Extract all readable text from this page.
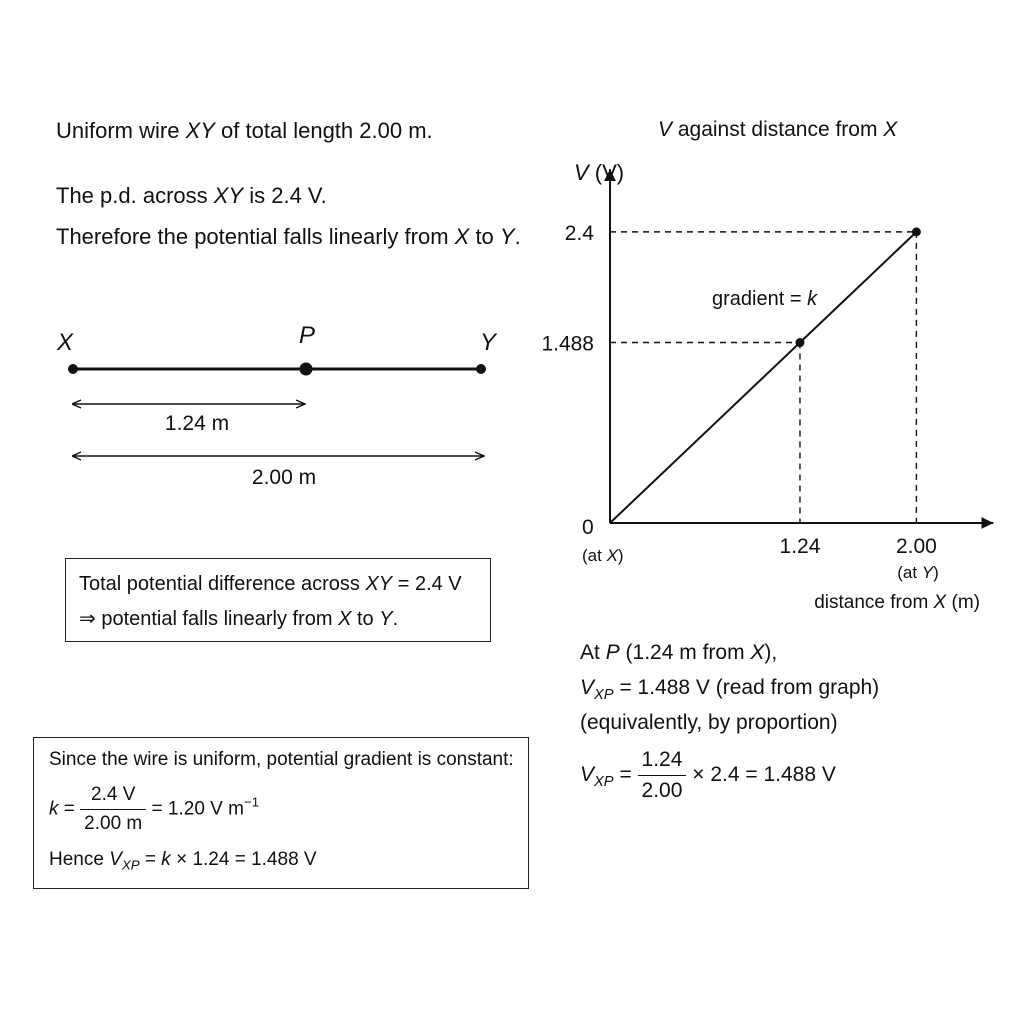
Uniform wire XY of total length 2.00 m.
The p.d. across XY is 2.4 V.
Therefore the potential falls linearly from X to Y.
X	P	Y
1.24 m
2.00 m
Total potential difference across XY = 2.4 V
⇒ potential falls linearly from X to Y.
Since the wire is uniform, potential gradient is constant:
$k = \frac{2.4 V}{2.00 m} = 1.20$ V $m^{-1}$
Hence $V_{XP} = k \times 1.24 = 1.488$ V
V against distance from X
1.24	2.00
2.4
1.488
V (V)
0
(at X)
(at Y)
distance from X (m)
gradient = k
At P (1.24 m from X),
$V_{XP} = 1.488$ V (read from graph)
(equivalently, by proportion)
$V_{XP} = \frac{1.24}{2.00} \times 2.4 = 1.488$ V
